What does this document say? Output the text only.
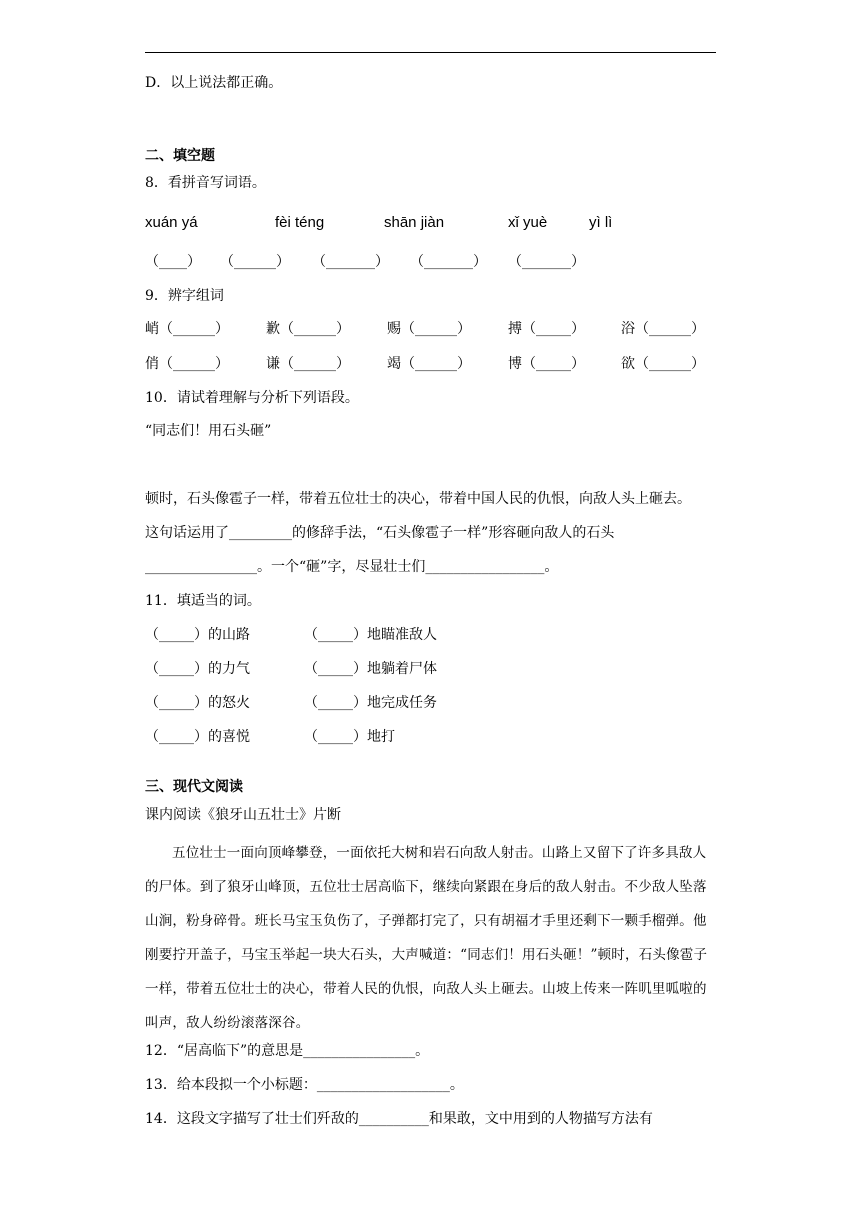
D．以上说法都正确。
二、填空题
8．看拼音写词语。
xuán yá	fèi téng	shān jiàn	xǐ yuè	yì lì
（____） （______） （_______） （_______） （_______）
9．辨字组词
峭（______）	歉（______）	赐（______）	搏（_____）	浴（______）
俏（______）	谦（______）	竭（______）	博（_____）	欲（______）
10．请试着理解与分析下列语段。
“同志们！用石头砸”
顿时，石头像雹子一样，带着五位壮士的决心，带着中国人民的仇恨，向敌人头上砸去。
这句话运用了_________的修辞手法，“石头像雹子一样”形容砸向敌人的石头
________________。一个“砸”字，尽显壮士们_________________。
11．填适当的词。
（_____）的山路	（_____）地瞄准敌人
（_____）的力气	（_____）地躺着尸体
（_____）的怒火	（_____）地完成任务
（_____）的喜悦	（_____）地打
三、现代文阅读
课内阅读《狼牙山五壮士》片断
五位壮士一面向顶峰攀登，一面依托大树和岩石向敌人射击。山路上又留下了许多具敌人的尸体。到了狼牙山峰顶，五位壮士居高临下，继续向紧跟在身后的敌人射击。不少敌人坠落山涧，粉身碎骨。班长马宝玉负伤了，子弹都打完了，只有胡福才手里还剩下一颗手榴弹。他刚要拧开盖子，马宝玉举起一块大石头，大声喊道：“同志们！用石头砸！”顿时，石头像雹子一样，带着五位壮士的决心，带着人民的仇恨，向敌人头上砸去。山坡上传来一阵叽里呱啦的叫声，敌人纷纷滚落深谷。
12．“居高临下”的意思是________________。
13．给本段拟一个小标题：___________________。
14．这段文字描写了壮士们歼敌的__________和果敢，文中用到的人物描写方法有
